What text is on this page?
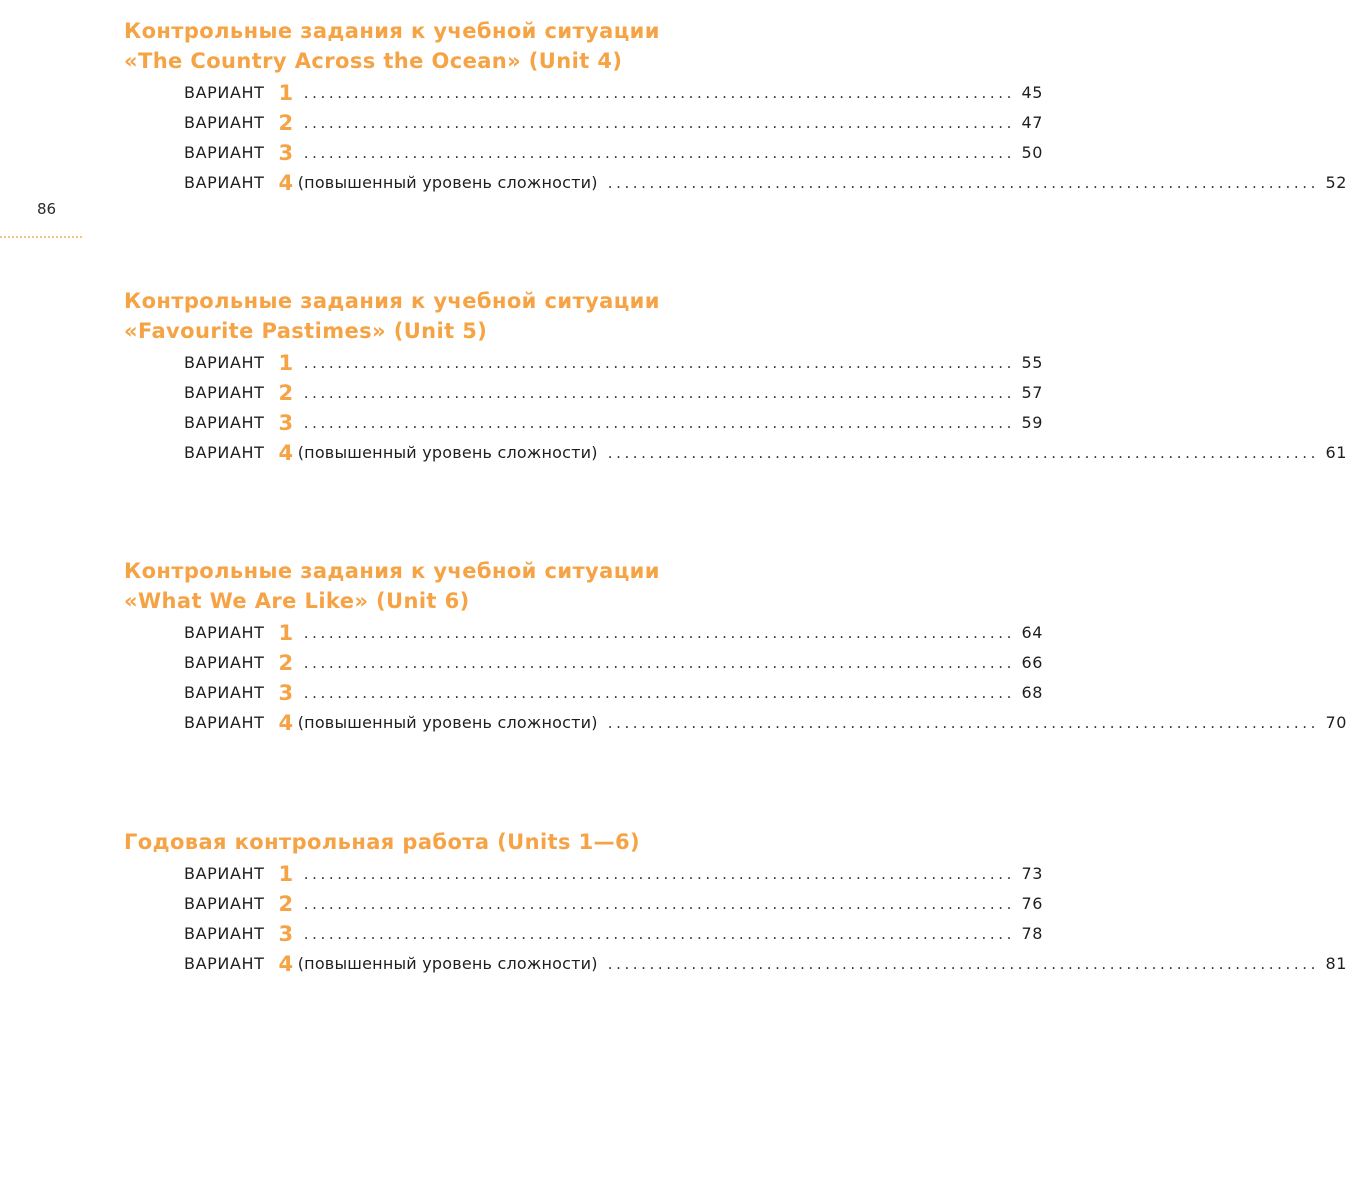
86
Контрольные задания к учебной ситуации
«The Country Across the Ocean» (Unit 4)
ВАРИАНТ 1 ..................................................................................... 45
ВАРИАНТ 2 ..................................................................................... 47
ВАРИАНТ 3 ..................................................................................... 50
ВАРИАНТ 4 (повышенный уровень сложности) ..................................................................................... 52
Контрольные задания к учебной ситуации
«Favourite Pastimes» (Unit 5)
ВАРИАНТ 1 ..................................................................................... 55
ВАРИАНТ 2 ..................................................................................... 57
ВАРИАНТ 3 ..................................................................................... 59
ВАРИАНТ 4 (повышенный уровень сложности) ..................................................................................... 61
Контрольные задания к учебной ситуации
«What We Are Like» (Unit 6)
ВАРИАНТ 1 ..................................................................................... 64
ВАРИАНТ 2 ..................................................................................... 66
ВАРИАНТ 3 ..................................................................................... 68
ВАРИАНТ 4 (повышенный уровень сложности) ..................................................................................... 70
Годовая контрольная работа (Units 1—6)
ВАРИАНТ 1 ..................................................................................... 73
ВАРИАНТ 2 ..................................................................................... 76
ВАРИАНТ 3 ..................................................................................... 78
ВАРИАНТ 4 (повышенный уровень сложности) ..................................................................................... 81
